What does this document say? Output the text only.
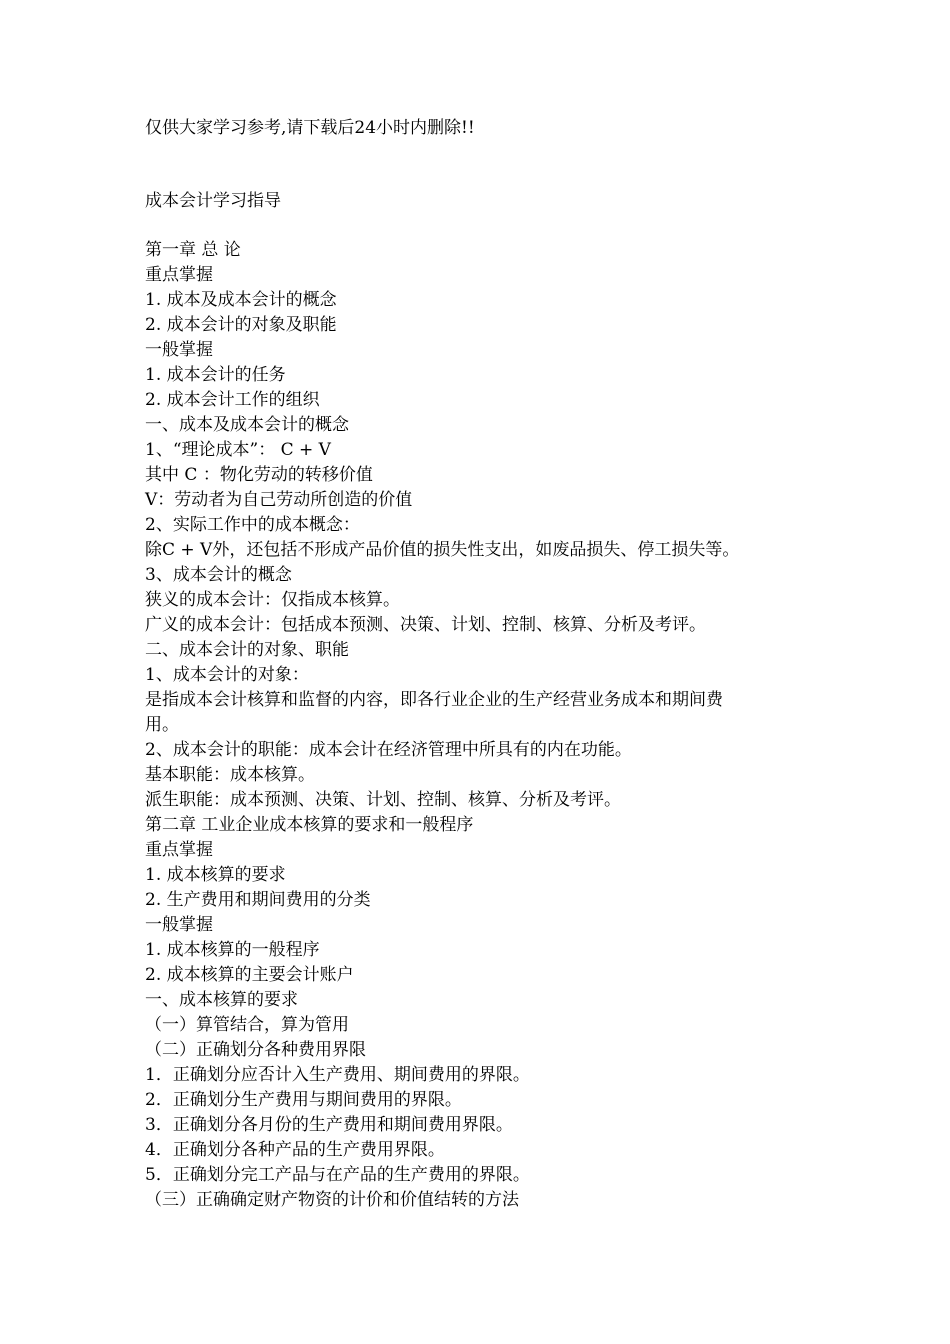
仅供大家学习参考,请下载后24小时内删除!!
成本会计学习指导
第一章 总 论
重点掌握
1. 成本及成本会计的概念
2. 成本会计的对象及职能
一般掌握
1. 成本会计的任务
2. 成本会计工作的组织
一、成本及成本会计的概念
1、“理论成本”： C + V
其中 C ：物化劳动的转移价值
V：劳动者为自己劳动所创造的价值
2、实际工作中的成本概念：
除C + V外，还包括不形成产品价值的损失性支出，如废品损失、停工损失等。
3、成本会计的概念
狭义的成本会计：仅指成本核算。
广义的成本会计：包括成本预测、决策、计划、控制、核算、分析及考评。
二、成本会计的对象、职能
1、成本会计的对象：
是指成本会计核算和监督的内容，即各行业企业的生产经营业务成本和期间费
用。
2、成本会计的职能：成本会计在经济管理中所具有的内在功能。
基本职能：成本核算。
派生职能：成本预测、决策、计划、控制、核算、分析及考评。
第二章 工业企业成本核算的要求和一般程序
重点掌握
1. 成本核算的要求
2. 生产费用和期间费用的分类
一般掌握
1. 成本核算的一般程序
2. 成本核算的主要会计账户
一、成本核算的要求
（一）算管结合，算为管用
（二）正确划分各种费用界限
1．正确划分应否计入生产费用、期间费用的界限。
2．正确划分生产费用与期间费用的界限。
3．正确划分各月份的生产费用和期间费用界限。
4．正确划分各种产品的生产费用界限。
5．正确划分完工产品与在产品的生产费用的界限。
（三）正确确定财产物资的计价和价值结转的方法
